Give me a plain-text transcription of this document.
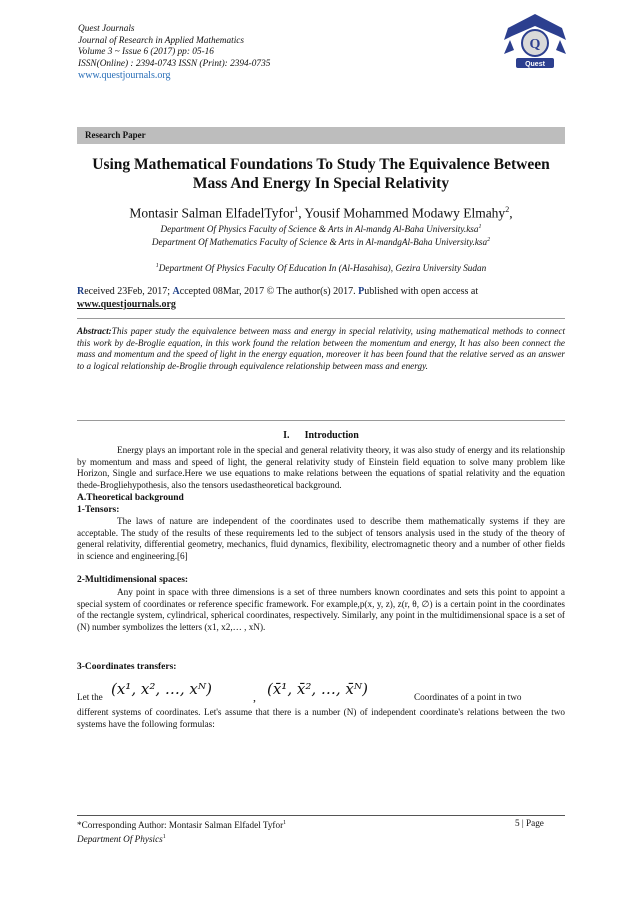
Quest Journals
Journal of Research in Applied Mathematics
Volume 3 ~ Issue 6 (2017) pp: 05-16
ISSN(Online) : 2394-0743 ISSN (Print): 2394-0735
www.questjournals.org
Q
Quest
Research Paper
Using Mathematical Foundations To Study The Equivalence Between Mass And Energy In Special Relativity
Montasir Salman ElfadelTyfor$^1$, Yousif Mohammed Modawy Elmahy$^2$,
Department Of Physics Faculty of Science & Arts in Al-mandg Al-Baha University.ksa$^1$
Department Of Mathematics Faculty of Science & Arts in Al-mandgAl-Baha University.ksa$^2$
$^1$Department Of Physics Faculty Of Education In (Al-Hasahisa), Gezira University Sudan
Received 23Feb, 2017; Accepted 08Mar, 2017 © The author(s) 2017. Published with open access at
www.questjournals.org
Abstract:This paper study the equivalence between mass and energy in special relativity, using mathematical methods to connect this work by de-Broglie equation, in this work found the relation between the momentum and energy, It has also been connect the mass and momentum and the speed of light in the energy equation, moreover it has been found that the relative served as an answer to a logical relationship de-Broglie through equivalence relationship between mass and energy.
I. Introduction
Energy plays an important role in the special and general relativity theory, it was also study of energy and its relationship by momentum and mass and speed of light, the general relativity study of Einstein field equation to solve many problem like Horizon, Single and surface.Here we use equations to make relations between the equations of spatial relativity and the equation thede-Brogliehypothesis, also the tensors usedastheoretical background.
A.Theoretical background
1-Tensors:
The laws of nature are independent of the coordinates used to describe them mathematically systems if they are acceptable. The study of the results of these requirements led to the subject of tensors analysis used in the study of the theory of general relativity, differential geometry, mechanics, fluid dynamics, flexibility, electromagnetic theory and a number of other fields in science and engineering.[6]
2-Multidimensional spaces:
Any point in space with three dimensions is a set of three numbers known coordinates and sets this point to appoint a special system of coordinates or reference specific framework. For example,p(x, y, z), z(r, θ, ∅) is a certain point in the coordinates of the rectangle system, cylindrical, spherical coordinates, respectively. Similarly, any point in the multidimensional space is a set of (N) number symbolizes the letters (x1, x2,… , xN).
3-Coordinates transfers:
Let the (x¹, x², …, xᴺ)	, (x̄¹, x̄², …, x̄ᴺ)	Coordinates of a point in two
different systems of coordinates. Let's assume that there is a number (N) of independent coordinate's relations between the two systems have the following formulas:
*Corresponding Author: Montasir Salman Elfadel Tyfor$^1$
Department Of Physics$^1$
5 | Page
